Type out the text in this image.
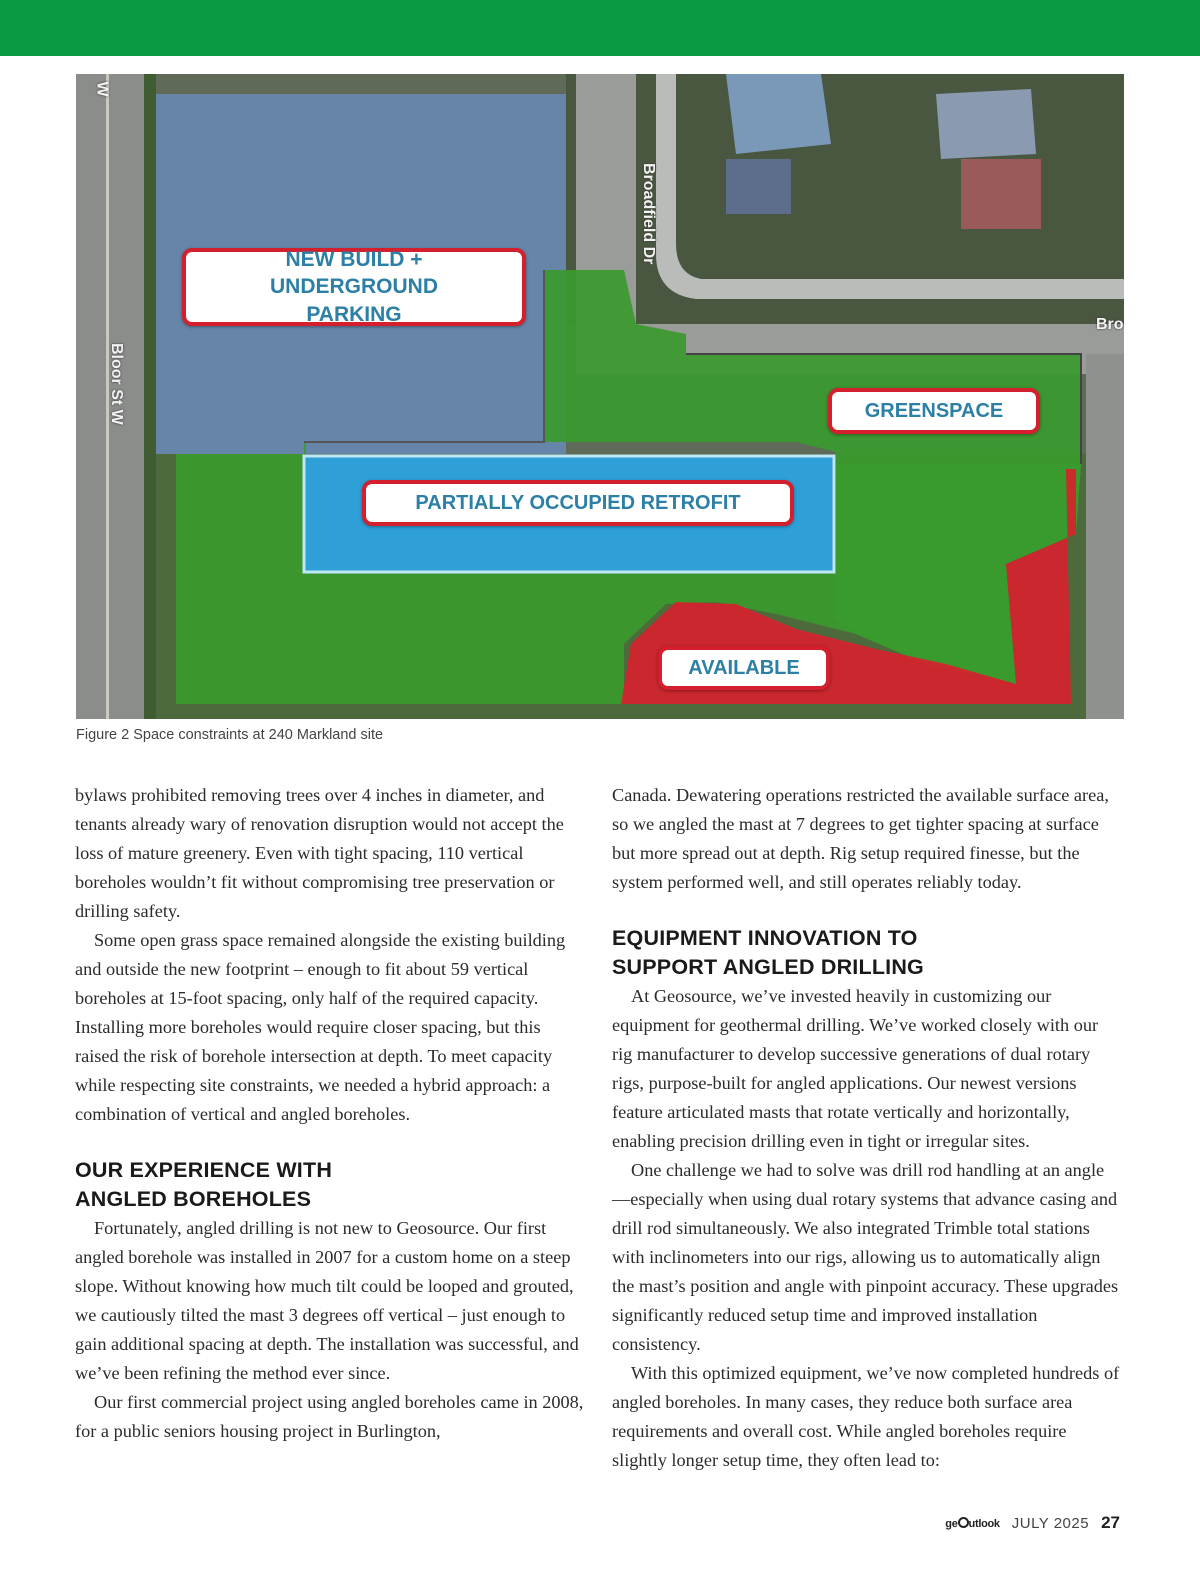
NEW BUILD + UNDERGROUND PARKING
GREENSPACE
PARTIALLY OCCUPIED RETROFIT
AVAILABLE
Bloor St W
W
Broadfield Dr
Bro
Figure 2 Space constraints at 240 Markland site

bylaws prohibited removing trees over 4 inches in diameter, and tenants already wary of renovation disruption would not accept the loss of mature greenery. Even with tight spacing, 110 vertical boreholes wouldn’t fit without compromising tree preservation or drilling safety.

Some open grass space remained alongside the existing building and outside the new footprint – enough to fit about 59 vertical boreholes at 15-foot spacing, only half of the required capacity. Installing more boreholes would require closer spacing, but this raised the risk of borehole intersection at depth. To meet capacity while respecting site constraints, we needed a hybrid approach: a combination of vertical and angled boreholes.

OUR EXPERIENCE WITH
ANGLED BOREHOLES

Fortunately, angled drilling is not new to Geosource. Our first angled borehole was installed in 2007 for a custom home on a steep slope. Without knowing how much tilt could be looped and grouted, we cautiously tilted the mast 3 degrees off vertical – just enough to gain additional spacing at depth. The installation was successful, and we’ve been refining the method ever since.

Our first commercial project using angled boreholes came in 2008, for a public seniors housing project in Burlington,

Canada. Dewatering operations restricted the available surface area, so we angled the mast at 7 degrees to get tighter spacing at surface but more spread out at depth. Rig setup required finesse, but the system performed well, and still operates reliably today.

EQUIPMENT INNOVATION TO
SUPPORT ANGLED DRILLING

At Geosource, we’ve invested heavily in customizing our equipment for geothermal drilling. We’ve worked closely with our rig manufacturer to develop successive generations of dual rotary rigs, purpose-built for angled applications. Our newest versions feature articulated masts that rotate vertically and horizontally, enabling precision drilling even in tight or irregular sites.

One challenge we had to solve was drill rod handling at an angle—especially when using dual rotary systems that advance casing and drill rod simultaneously. We also integrated Trimble total stations with inclinometers into our rigs, allowing us to automatically align the mast’s position and angle with pinpoint accuracy. These upgrades significantly reduced setup time and improved installation consistency.

With this optimized equipment, we’ve now completed hundreds of angled boreholes. In many cases, they reduce both surface area requirements and overall cost. While angled boreholes require slightly longer setup time, they often lead to:

ge utlook JULY 2025 27
